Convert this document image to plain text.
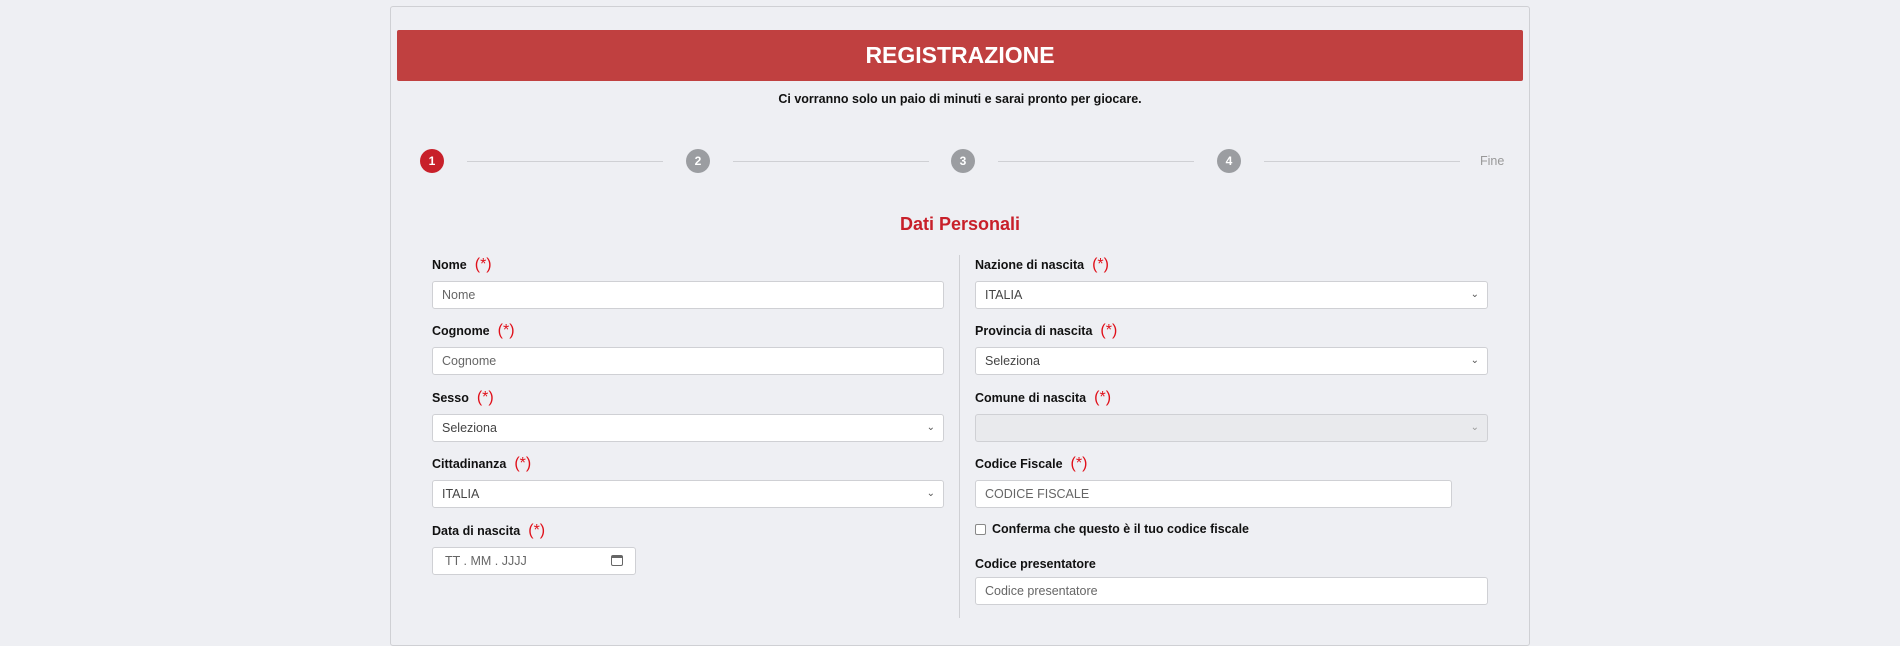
REGISTRAZIONE
Ci vorranno solo un paio di minuti e sarai pronto per giocare.
1	2	3	4	Fine
Dati Personali
Nome (*)
Nome
Cognome (*)
Cognome
Sesso (*)
Seleziona	⌄
Cittadinanza (*)
ITALIA	⌄
Data di nascita (*)
TT . MM . JJJJ
Nazione di nascita (*)
ITALIA	⌄
Provincia di nascita (*)
Seleziona	⌄
Comune di nascita (*)
⌄
Codice Fiscale (*)
CODICE FISCALE
Conferma che questo è il tuo codice fiscale
Codice presentatore
Codice presentatore
